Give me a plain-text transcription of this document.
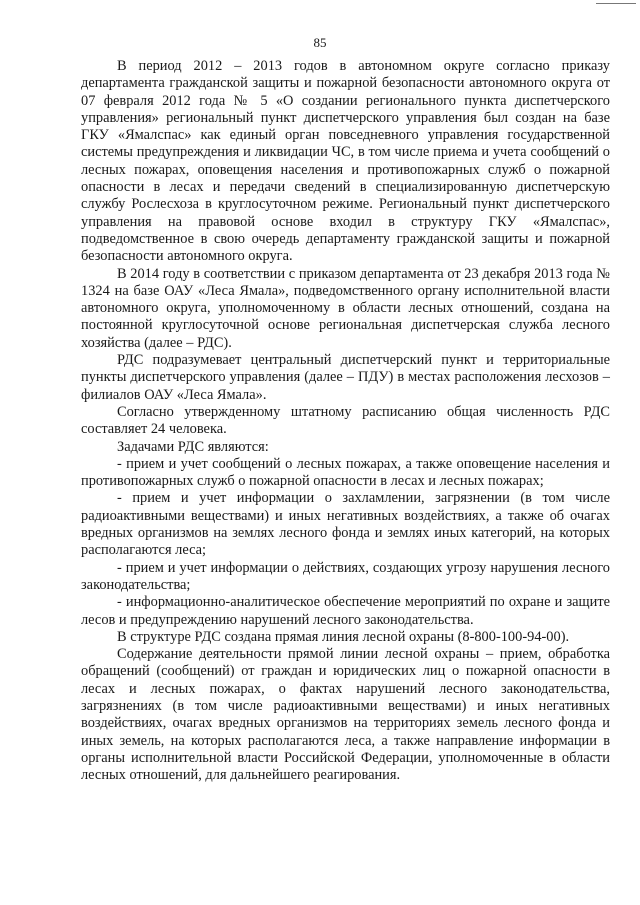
85

В период 2012 – 2013 годов в автономном округе согласно приказу департамента гражданской защиты и пожарной безопасности автономного округа от 07 февраля 2012 года № 5 «О создании регионального пункта диспетчерского управления» региональный пункт диспетчерского управления был создан на базе ГКУ «Ямалспас» как единый орган повседневного управления государственной системы предупреждения и ликвидации ЧС, в том числе приема и учета сообщений о лесных пожарах, оповещения населения и противопожарных служб о пожарной опасности в лесах и передачи сведений в специализированную диспетчерскую службу Рослесхоза в круглосуточном режиме. Региональный пункт диспетчерского управления на правовой основе входил в структуру ГКУ «Ямалспас», подведомственное в свою очередь департаменту гражданской защиты и пожарной безопасности автономного округа.

В 2014 году в соответствии с приказом департамента от 23 декабря 2013 года № 1324 на базе ОАУ «Леса Ямала», подведомственного органу исполнительной власти автономного округа, уполномоченному в области лесных отношений, создана на постоянной круглосуточной основе региональная диспетчерская служба лесного хозяйства (далее – РДС).

РДС подразумевает центральный диспетчерский пункт и территориальные пункты диспетчерского управления (далее – ПДУ) в местах расположения лесхозов – филиалов ОАУ «Леса Ямала».

Согласно утвержденному штатному расписанию общая численность РДС составляет 24 человека.

Задачами РДС являются:

- прием и учет сообщений о лесных пожарах, а также оповещение населения и противопожарных служб о пожарной опасности в лесах и лесных пожарах;

- прием и учет информации о захламлении, загрязнении (в том числе радиоактивными веществами) и иных негативных воздействиях, а также об очагах вредных организмов на землях лесного фонда и землях иных категорий, на которых располагаются леса;

- прием и учет информации о действиях, создающих угрозу нарушения лесного законодательства;

- информационно-аналитическое обеспечение мероприятий по охране и защите лесов и предупреждению нарушений лесного законодательства.

В структуре РДС создана прямая линия лесной охраны (8-800-100-94-00).

Содержание деятельности прямой линии лесной охраны – прием, обработка обращений (сообщений) от граждан и юридических лиц о пожарной опасности в лесах и лесных пожарах, о фактах нарушений лесного законодательства, загрязнениях (в том числе радиоактивными веществами) и иных негативных воздействиях, очагах вредных организмов на территориях земель лесного фонда и иных земель, на которых располагаются леса, а также направление информации в органы исполнительной власти Российской Федерации, уполномоченные в области лесных отношений, для дальнейшего реагирования.
